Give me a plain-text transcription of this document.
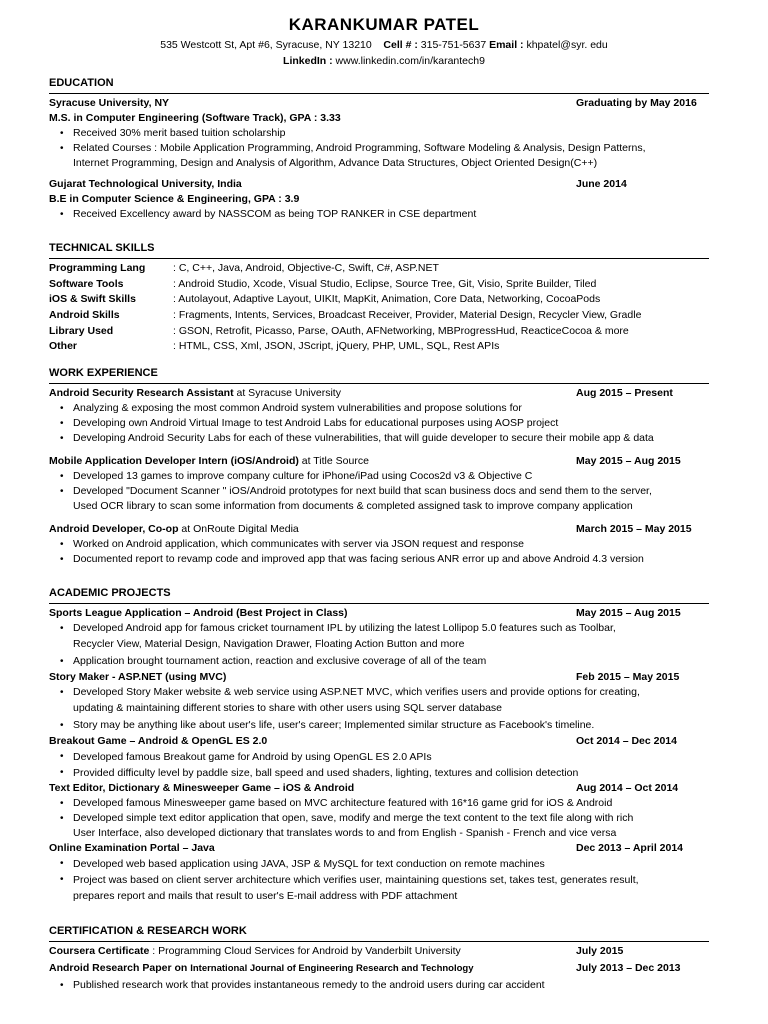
KARANKUMAR PATEL
535 Westcott St, Apt #6, Syracuse, NY 13210 Cell # : 315-751-5637 Email : khpatel@syr. edu
LinkedIn : www.linkedin.com/in/karantech9
EDUCATION
Syracuse University, NY	Graduating by May 2016
M.S. in Computer Engineering (Software Track), GPA : 3.33
• Received 30% merit based tuition scholarship
• Related Courses : Mobile Application Programming, Android Programming, Software Modeling & Analysis, Design Patterns,
Internet Programming, Design and Analysis of Algorithm, Advance Data Structures, Object Oriented Design(C++)
Gujarat Technological University, India	June 2014
B.E in Computer Science & Engineering, GPA : 3.9
• Received Excellency award by NASSCOM as being TOP RANKER in CSE department
TECHNICAL SKILLS
Programming Lang	: C, C++, Java, Android, Objective-C, Swift, C#, ASP.NET
Software Tools	: Android Studio, Xcode, Visual Studio, Eclipse, Source Tree, Git, Visio, Sprite Builder, Tiled
iOS & Swift Skills	: Autolayout, Adaptive Layout, UIKIt, MapKit, Animation, Core Data, Networking, CocoaPods
Android Skills	: Fragments, Intents, Services, Broadcast Receiver, Provider, Material Design, Recycler View, Gradle
Library Used	: GSON, Retrofit, Picasso, Parse, OAuth, AFNetworking, MBProgressHud, ReacticeCocoa & more
Other	: HTML, CSS, Xml, JSON, JScript, jQuery, PHP, UML, SQL, Rest APIs
WORK EXPERIENCE
Android Security Research Assistant at Syracuse University	Aug 2015 – Present
• Analyzing & exposing the most common Android system vulnerabilities and propose solutions for
• Developing own Android Virtual Image to test Android Labs for educational purposes using AOSP project
• Developing Android Security Labs for each of these vulnerabilities, that will guide developer to secure their mobile app & data
Mobile Application Developer Intern (iOS/Android) at Title Source	May 2015 – Aug 2015
• Developed 13 games to improve company culture for iPhone/iPad using Cocos2d v3 & Objective C
• Developed "Document Scanner " iOS/Android prototypes for next build that scan business docs and send them to the server,
Used OCR library to scan some information from documents & completed assigned task to improve company application
Android Developer, Co-op at OnRoute Digital Media	March 2015 – May 2015
• Worked on Android application, which communicates with server via JSON request and response
• Documented report to revamp code and improved app that was facing serious ANR error up and above Android 4.3 version
ACADEMIC PROJECTS
Sports League Application – Android (Best Project in Class)	May 2015 – Aug 2015
• Developed Android app for famous cricket tournament IPL by utilizing the latest Lollipop 5.0 features such as Toolbar,
Recycler View, Material Design, Navigation Drawer, Floating Action Button and more
• Application brought tournament action, reaction and exclusive coverage of all of the team
Story Maker - ASP.NET (using MVC)	Feb 2015 – May 2015
• Developed Story Maker website & web service using ASP.NET MVC, which verifies users and provide options for creating,
updating & maintaining different stories to share with other users using SQL server database
• Story may be anything like about user's life, user's career; Implemented similar structure as Facebook's timeline.
Breakout Game – Android & OpenGL ES 2.0	Oct 2014 – Dec 2014
• Developed famous Breakout game for Android by using OpenGL ES 2.0 APIs
• Provided difficulty level by paddle size, ball speed and used shaders, lighting, textures and collision detection
Text Editor, Dictionary & Minesweeper Game – iOS & Android	Aug 2014 – Oct 2014
• Developed famous Minesweeper game based on MVC architecture featured with 16*16 game grid for iOS & Android
• Developed simple text editor application that open, save, modify and merge the text content to the text file along with rich
User Interface, also developed dictionary that translates words to and from English - Spanish - French and vice versa
Online Examination Portal – Java	Dec 2013 – April 2014
• Developed web based application using JAVA, JSP & MySQL for text conduction on remote machines
• Project was based on client server architecture which verifies user, maintaining questions set, takes test, generates result,
prepares report and mails that result to user's E-mail address with PDF attachment
CERTIFICATION & RESEARCH WORK
Coursera Certificate : Programming Cloud Services for Android by Vanderbilt University	July 2015
Android Research Paper on International Journal of Engineering Research and Technology	July 2013 – Dec 2013
• Published research work that provides instantaneous remedy to the android users during car accident
